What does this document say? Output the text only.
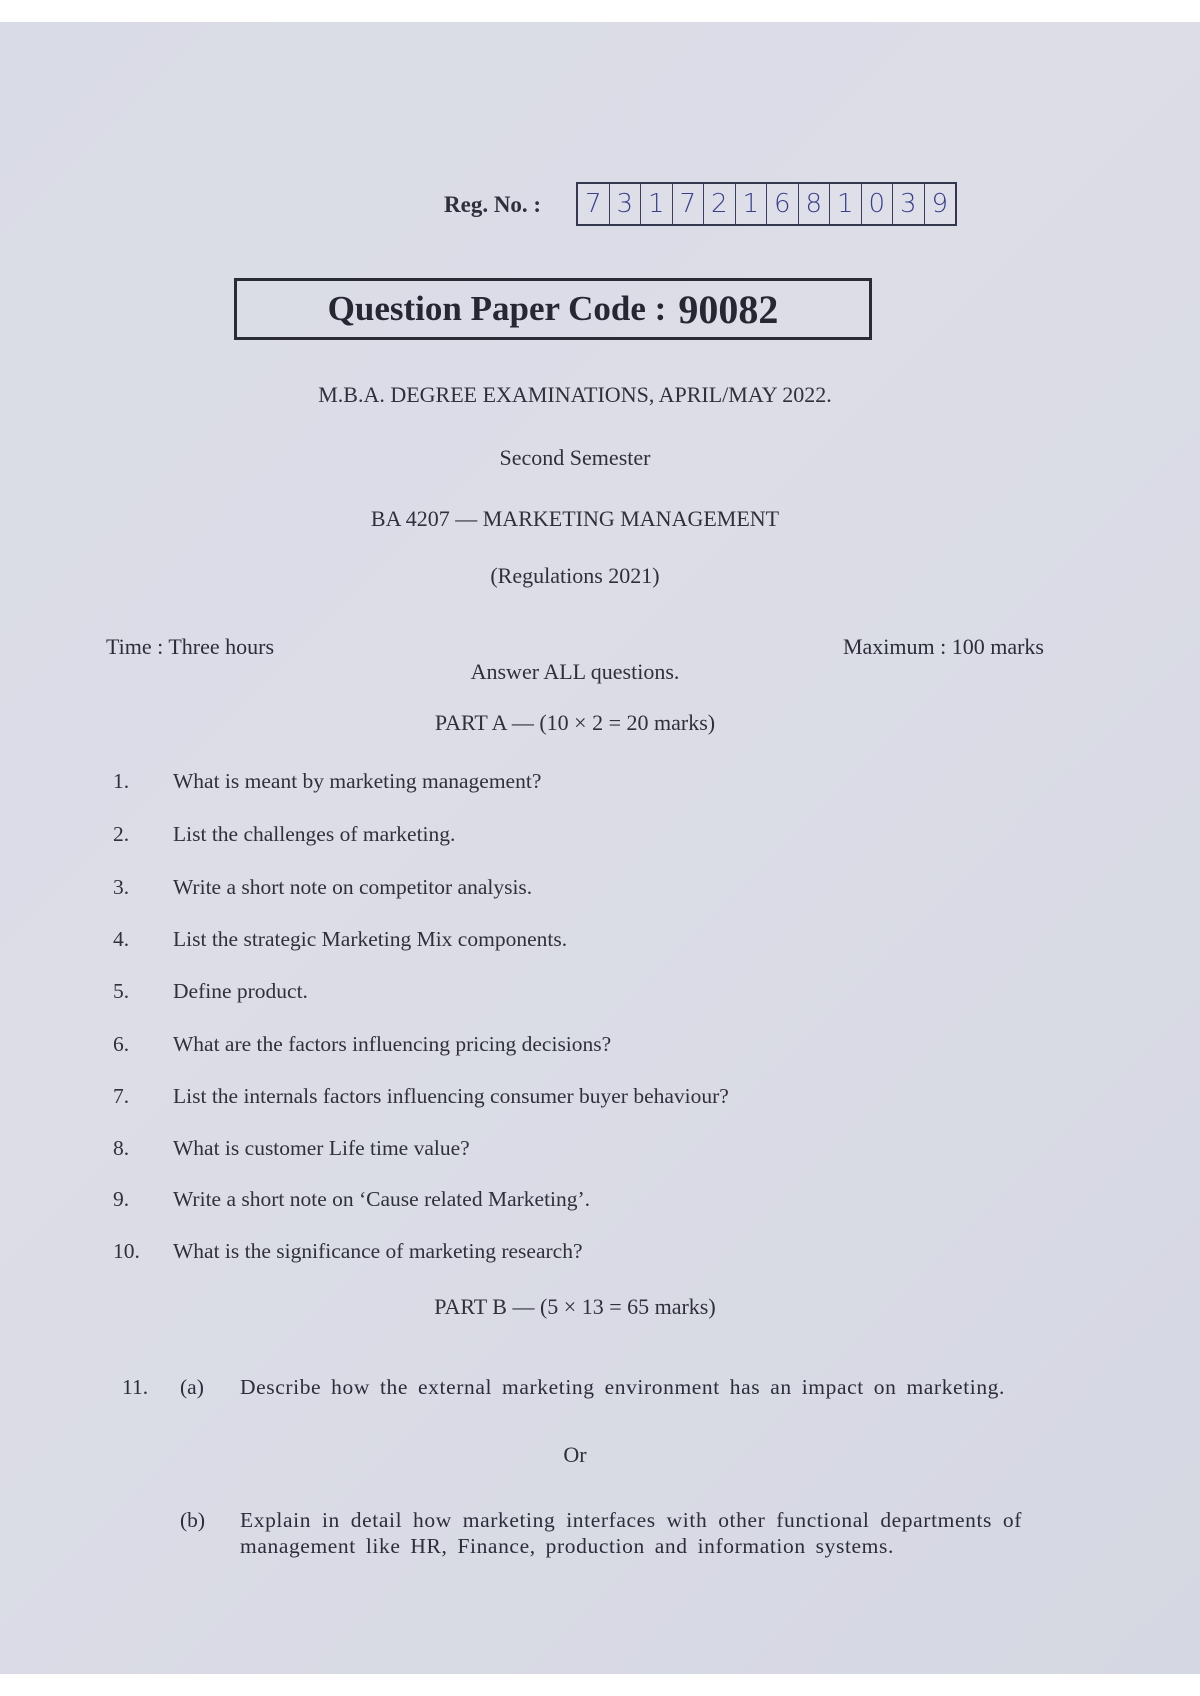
Reg. No. : 7 3 1 7 2 1 6 8 1 0 3 9
Question Paper Code : 90082
M.B.A. DEGREE EXAMINATIONS, APRIL/MAY 2022.
Second Semester
BA 4207 — MARKETING MANAGEMENT
(Regulations 2021)
Time : Three hours	Maximum : 100 marks
Answer ALL questions.
PART A — (10 × 2 = 20 marks)
1.	What is meant by marketing management?
2.	List the challenges of marketing.
3.	Write a short note on competitor analysis.
4.	List the strategic Marketing Mix components.
5.	Define product.
6.	What are the factors influencing pricing decisions?
7.	List the internals factors influencing consumer buyer behaviour?
8.	What is customer Life time value?
9.	Write a short note on ‘Cause related Marketing’.
10.	What is the significance of marketing research?
PART B — (5 × 13 = 65 marks)
11.	(a)	Describe how the external marketing environment has an impact on marketing.
Or
(b)	Explain in detail how marketing interfaces with other functional departments of management like HR, Finance, production and information systems.
